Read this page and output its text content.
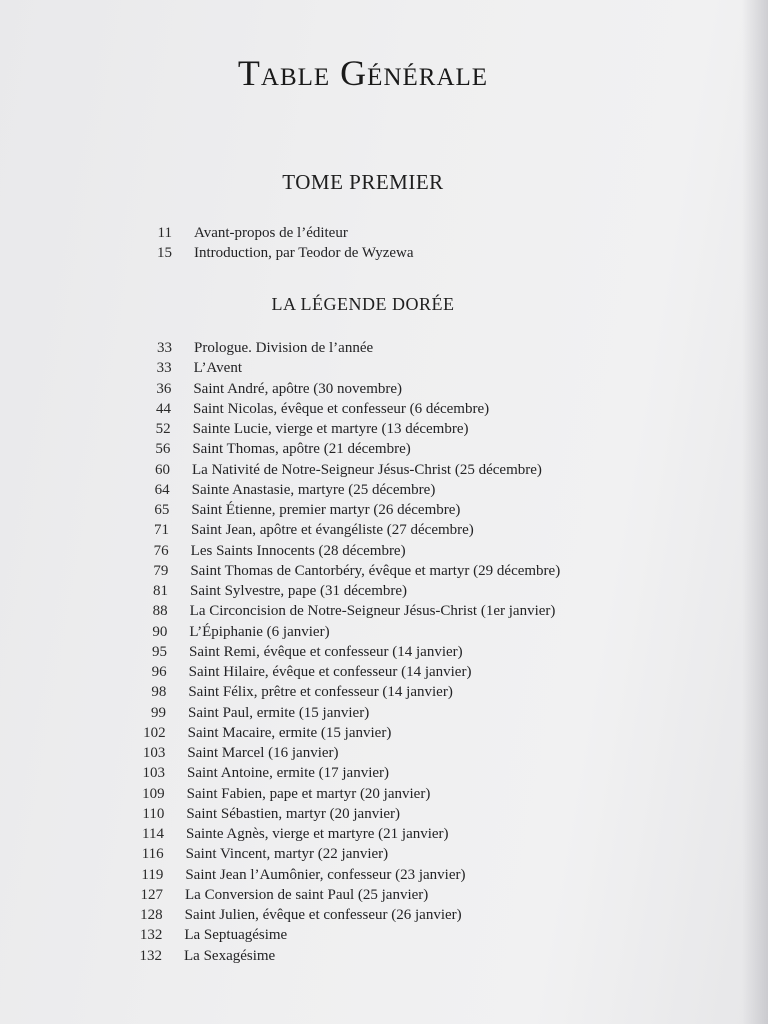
Table Générale
TOME PREMIER
11 Avant-propos de l’éditeur
15 Introduction, par Teodor de Wyzewa
LA LÉGENDE DORÉE
33 Prologue. Division de l’année
33 L’Avent
36 Saint André, apôtre (30 novembre)
44 Saint Nicolas, évêque et confesseur (6 décembre)
52 Sainte Lucie, vierge et martyre (13 décembre)
56 Saint Thomas, apôtre (21 décembre)
60 La Nativité de Notre-Seigneur Jésus-Christ (25 décembre)
64 Sainte Anastasie, martyre (25 décembre)
65 Saint Étienne, premier martyr (26 décembre)
71 Saint Jean, apôtre et évangéliste (27 décembre)
76 Les Saints Innocents (28 décembre)
79 Saint Thomas de Cantorbéry, évêque et martyr (29 décembre)
81 Saint Sylvestre, pape (31 décembre)
88 La Circoncision de Notre-Seigneur Jésus-Christ (1er janvier)
90 L’Épiphanie (6 janvier)
95 Saint Remi, évêque et confesseur (14 janvier)
96 Saint Hilaire, évêque et confesseur (14 janvier)
98 Saint Félix, prêtre et confesseur (14 janvier)
99 Saint Paul, ermite (15 janvier)
102 Saint Macaire, ermite (15 janvier)
103 Saint Marcel (16 janvier)
103 Saint Antoine, ermite (17 janvier)
109 Saint Fabien, pape et martyr (20 janvier)
110 Saint Sébastien, martyr (20 janvier)
114 Sainte Agnès, vierge et martyre (21 janvier)
116 Saint Vincent, martyr (22 janvier)
119 Saint Jean l’Aumônier, confesseur (23 janvier)
127 La Conversion de saint Paul (25 janvier)
128 Saint Julien, évêque et confesseur (26 janvier)
132 La Septuagésime
132 La Sexagésime
